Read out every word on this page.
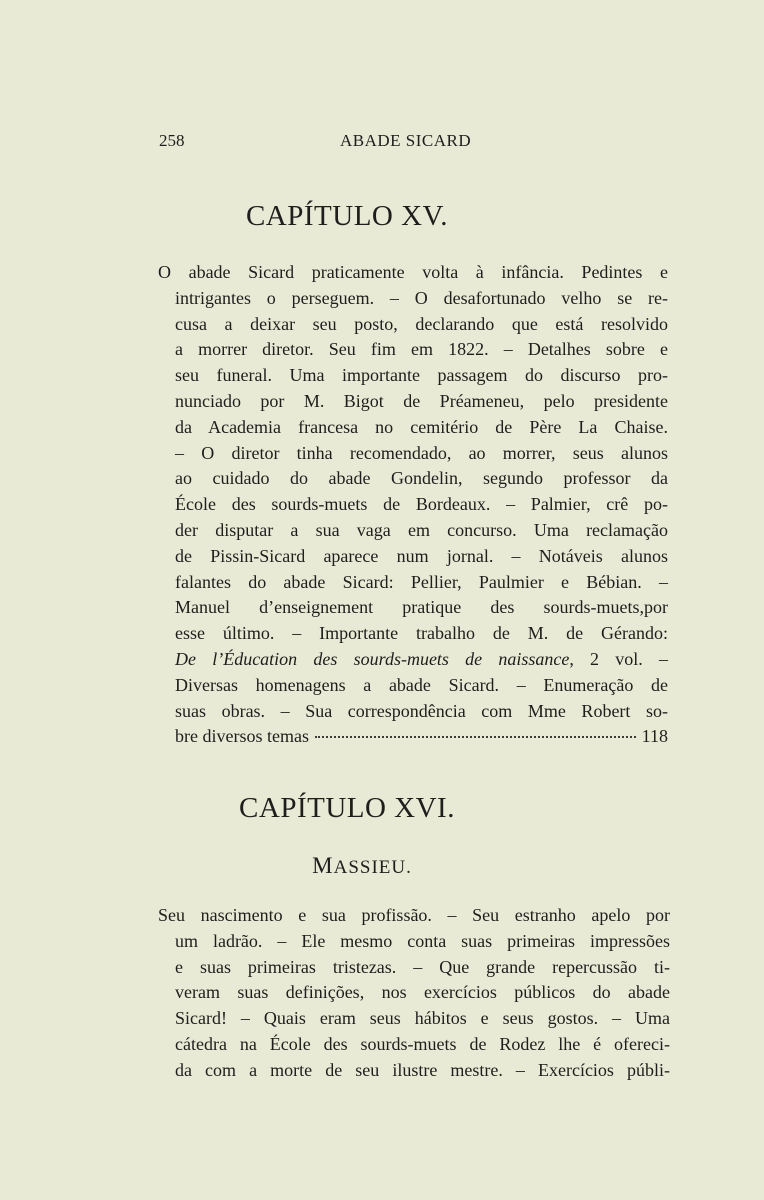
258	ABADE SICARD
CAPÍTULO XV.
O abade Sicard praticamente volta à infância. Pedintes e
intrigantes o perseguem. – O desafortunado velho se re-
cusa a deixar seu posto, declarando que está resolvido
a morrer diretor. Seu fim em 1822. – Detalhes sobre e
seu funeral. Uma importante passagem do discurso pro-
nunciado por M. Bigot de Préameneu, pelo presidente
da Academia francesa no cemitério de Père La Chaise.
– O diretor tinha recomendado, ao morrer, seus alunos
ao cuidado do abade Gondelin, segundo professor da
École des sourds-muets de Bordeaux. – Palmier, crê po-
der disputar a sua vaga em concurso. Uma reclamação
de Pissin-Sicard aparece num jornal. – Notáveis alunos
falantes do abade Sicard: Pellier, Paulmier e Bébian. –
Manuel d’enseignement pratique des sourds-muets,por
esse último. – Importante trabalho de M. de Gérando:
De l’Éducation des sourds-muets de naissance, 2 vol. –
Diversas homenagens a abade Sicard. – Enumeração de
suas obras. – Sua correspondência com Mme Robert so-
bre diversos temas	118
CAPÍTULO XVI.
MASSIEU.
Seu nascimento e sua profissão. – Seu estranho apelo por
um ladrão. – Ele mesmo conta suas primeiras impressões
e suas primeiras tristezas. – Que grande repercussão ti-
veram suas definições, nos exercícios públicos do abade
Sicard! – Quais eram seus hábitos e seus gostos. – Uma
cátedra na École des sourds-muets de Rodez lhe é ofereci-
da com a morte de seu ilustre mestre. – Exercícios públi-
